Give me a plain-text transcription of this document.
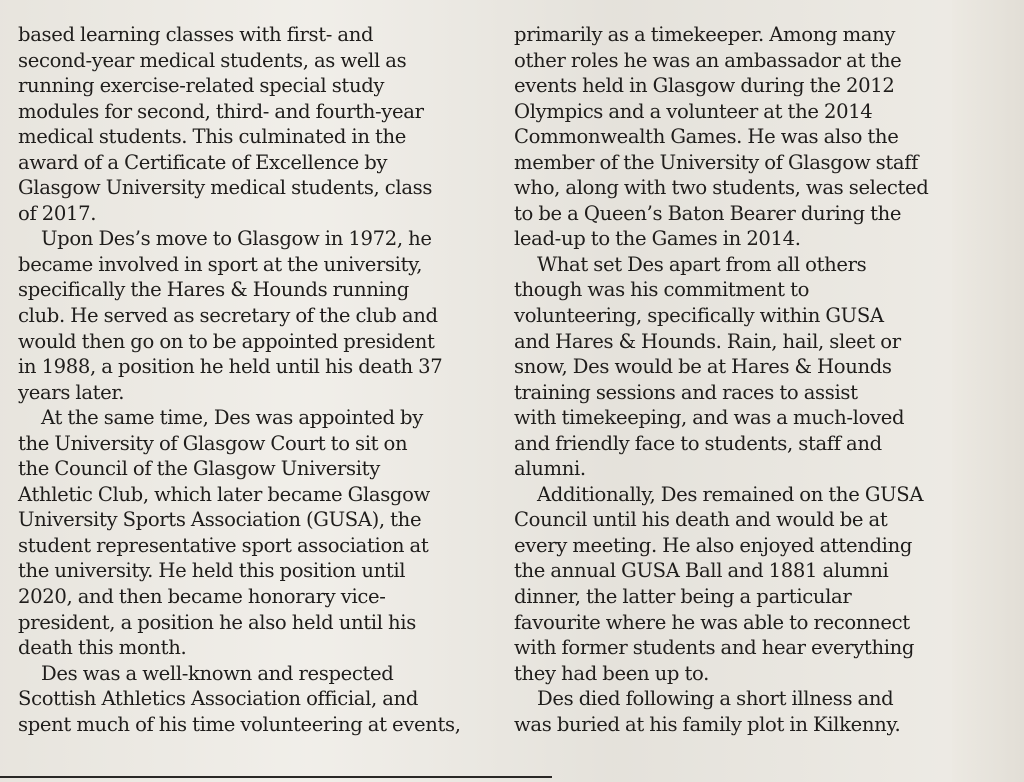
based learning classes with first- and
second-year medical students, as well as
running exercise-related special study
modules for second, third- and fourth-year
medical students. This culminated in the
award of a Certificate of Excellence by
Glasgow University medical students, class
of 2017.
Upon Des’s move to Glasgow in 1972, he
became involved in sport at the university,
specifically the Hares & Hounds running
club. He served as secretary of the club and
would then go on to be appointed president
in 1988, a position he held until his death 37
years later.
At the same time, Des was appointed by
the University of Glasgow Court to sit on
the Council of the Glasgow University
Athletic Club, which later became Glasgow
University Sports Association (GUSA), the
student representative sport association at
the university. He held this position until
2020, and then became honorary vice-
president, a position he also held until his
death this month.
Des was a well-known and respected
Scottish Athletics Association official, and
spent much of his time volunteering at events,
primarily as a timekeeper. Among many
other roles he was an ambassador at the
events held in Glasgow during the 2012
Olympics and a volunteer at the 2014
Commonwealth Games. He was also the
member of the University of Glasgow staff
who, along with two students, was selected
to be a Queen’s Baton Bearer during the
lead-up to the Games in 2014.
What set Des apart from all others
though was his commitment to
volunteering, specifically within GUSA
and Hares & Hounds. Rain, hail, sleet or
snow, Des would be at Hares & Hounds
training sessions and races to assist
with timekeeping, and was a much-loved
and friendly face to students, staff and
alumni.
Additionally, Des remained on the GUSA
Council until his death and would be at
every meeting. He also enjoyed attending
the annual GUSA Ball and 1881 alumni
dinner, the latter being a particular
favourite where he was able to reconnect
with former students and hear everything
they had been up to.
Des died following a short illness and
was buried at his family plot in Kilkenny.
